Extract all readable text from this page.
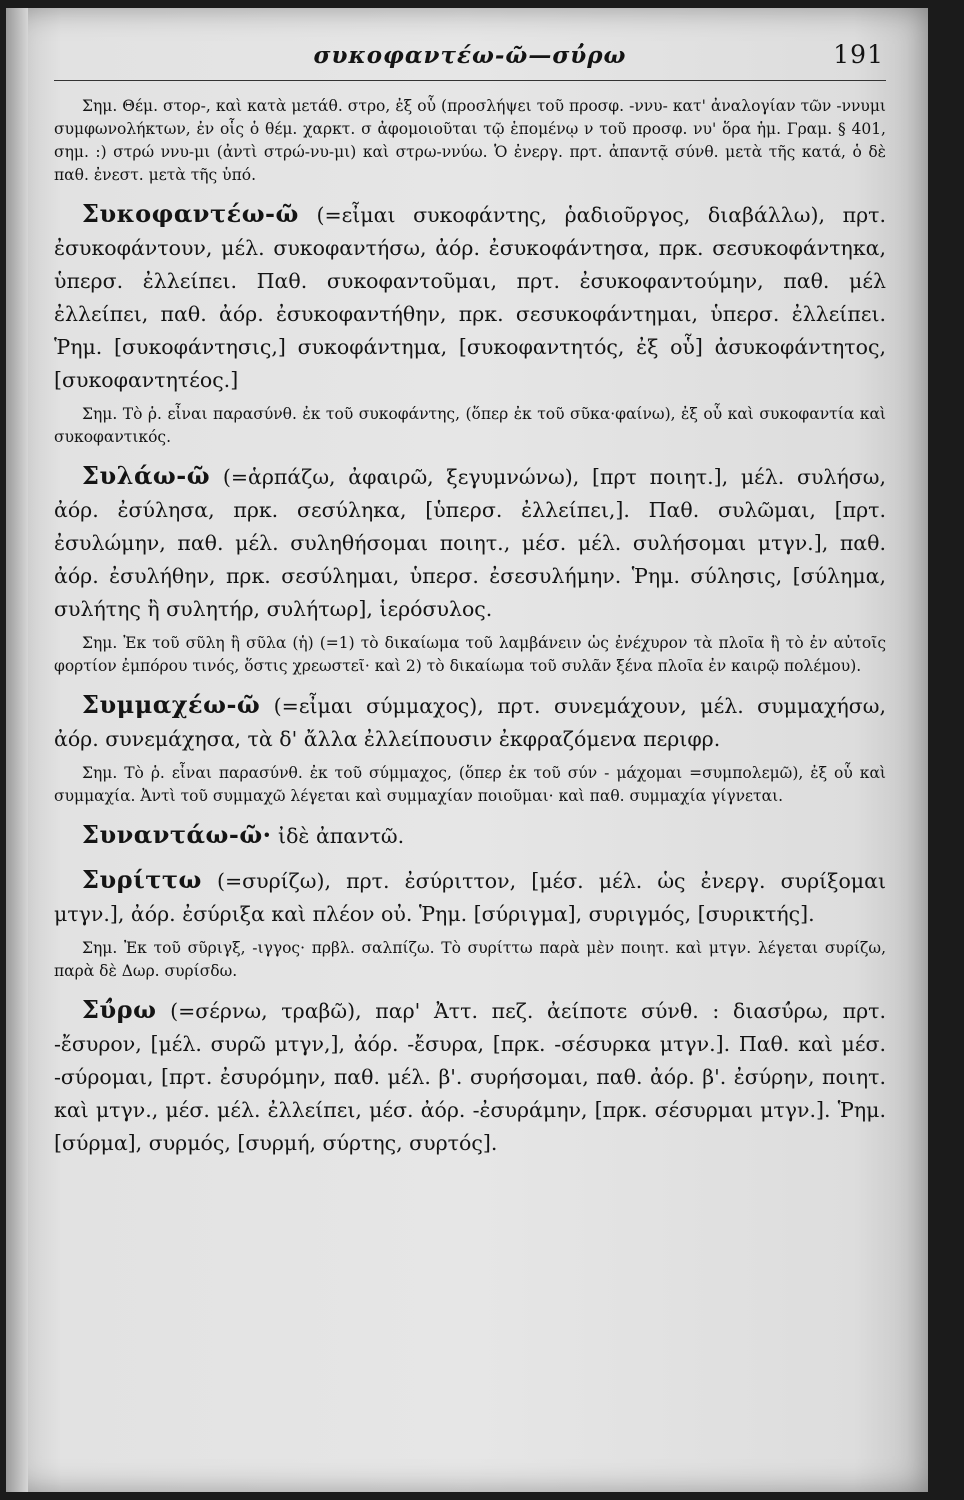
συκοφαντέω-ῶ—σύ̓ρω	191

Σημ. Θέμ. στορ-, καὶ κατὰ μετάθ. στρο, ἐξ οὗ (προσλήψει τοῦ προσφ. -ννυ- κατ' ἀναλογίαν τῶν -ννυμι συμφωνολήκτων, ἐν οἷς ὁ θέμ. χαρκτ. σ ἀφομοιοῦται τῷ ἑπομένῳ ν τοῦ προσφ. νυ' ὅρα ἡμ. Γραμ. § 401, σημ. :) στρώ ννυ-μι (ἀντὶ στρώ-νυ-μι) καὶ στρω-ννύω. Ὁ ἐνεργ. πρτ. ἀπαντᾷ σύνθ. μετὰ τῆς κατά, ὁ δὲ παθ. ἐνεστ. μετὰ τῆς ὑπό.

Συκοφαντέω-ῶ (=εἶμαι συκοφάντης, ῥαδιοῦργος, διαβάλλω), πρτ. ἐσυκοφάντουν, μέλ. συκοφαντήσω, ἀόρ. ἐσυκοφάντησα, πρκ. σεσυκοφάντηκα, ὑπερσ. ἐλλείπει. Παθ. συκοφαντοῦμαι, πρτ. ἐσυκοφαντούμην, παθ. μέλ ἐλλείπει, παθ. ἀόρ. ἐσυκοφαντήθην, πρκ. σεσυκοφάντημαι, ὑπερσ. ἐλλείπει. Ῥημ. [συκοφάντησις,] συκοφάντημα, [συκοφαντητός, ἐξ οὗ] ἀσυκοφάντητος, [συκοφαντητέος.]

Σημ. Τὸ ῥ. εἶναι παρασύνθ. ἐκ τοῦ συκοφάντης, (ὅπερ ἐκ τοῦ σῦκα·φαίνω), ἐξ οὗ καὶ συκοφαντία καὶ συκοφαντικός.

Συλάω-ῶ (=ἁρπάζω, ἀφαιρῶ, ξεγυμνώνω), [πρτ ποιητ.], μέλ. συλήσω, ἀόρ. ἐσύλησα, πρκ. σεσύληκα, [ὑπερσ. ἐλλείπει,]. Παθ. συλῶμαι, [πρτ. ἐσυλώμην, παθ. μέλ. συληθήσομαι ποιητ., μέσ. μέλ. συλήσομαι μτγν.], παθ. ἀόρ. ἐσυλήθην, πρκ. σεσύλημαι, ὑπερσ. ἐσεσυλήμην. Ῥημ. σύλησις, [σύλημα, συλήτης ἢ συλητήρ, συλήτωρ], ἱερόσυλος.

Σημ. Ἐκ τοῦ σῦλη ἢ σῦλα (ἡ) (=1) τὸ δικαίωμα τοῦ λαμβάνειν ὡς ἐνέχυρον τὰ πλοῖα ἢ τὸ ἐν αὐτοῖς φορτίον ἐμπόρου τινός, ὅστις χρεωστεῖ· καὶ 2) τὸ δικαίωμα τοῦ συλᾶν ξένα πλοῖα ἐν καιρῷ πολέμου).

Συμμαχέω-ῶ (=εἶμαι σύμμαχος), πρτ. συνεμάχουν, μέλ. συμμαχήσω, ἀόρ. συνεμάχησα, τὰ δ' ἄλλα ἐλλείπουσιν ἐκφραζόμενα περιφρ.

Σημ. Τὸ ῥ. εἶναι παρασύνθ. ἐκ τοῦ σύμμαχος, (ὅπερ ἐκ τοῦ σύν - μάχομαι =συμπολεμῶ), ἐξ οὗ καὶ συμμαχία. Ἀντὶ τοῦ συμμαχῶ λέγεται καὶ συμμαχίαν ποιοῦμαι· καὶ παθ. συμμαχία γίγνεται.

Συναντάω-ῶ· ἰδὲ ἀπαντῶ.

Συρίττω (=συρίζω), πρτ. ἐσύριττον, [μέσ. μέλ. ὡς ἐνεργ. συρίξομαι μτγν.], ἀόρ. ἐσύριξα καὶ πλέον οὐ. Ῥημ. [σύριγμα], συριγμός, [συρικτής].

Σημ. Ἐκ τοῦ σῦριγξ, -ιγγος· πρβλ. σαλπίζω. Τὸ συρίττω παρὰ μὲν ποιητ. καὶ μτγν. λέγεται συρίζω, παρὰ δὲ Δωρ. συρίσδω.

Σύ̓ρω (=σέρνω, τραβῶ), παρ' Ἀττ. πεζ. ἀείποτε σύνθ. : διασύ̓ρω, πρτ. -ἔσυρον, [μέλ. συρῶ μτγν,], ἀόρ. -ἔσυρα, [πρκ. -σέσυρκα μτγν.]. Παθ. καὶ μέσ. -σύρομαι, [πρτ. ἐσυρόμην, παθ. μέλ. β'. συρήσομαι, παθ. ἀόρ. β'. ἐσύρην, ποιητ. καὶ μτγν., μέσ. μέλ. ἐλλείπει, μέσ. ἀόρ. -ἐσυράμην, [πρκ. σέσυρμαι μτγν.]. Ῥημ. [σύρμα], συρμός, [συρμή, σύρτης, συρτός].
